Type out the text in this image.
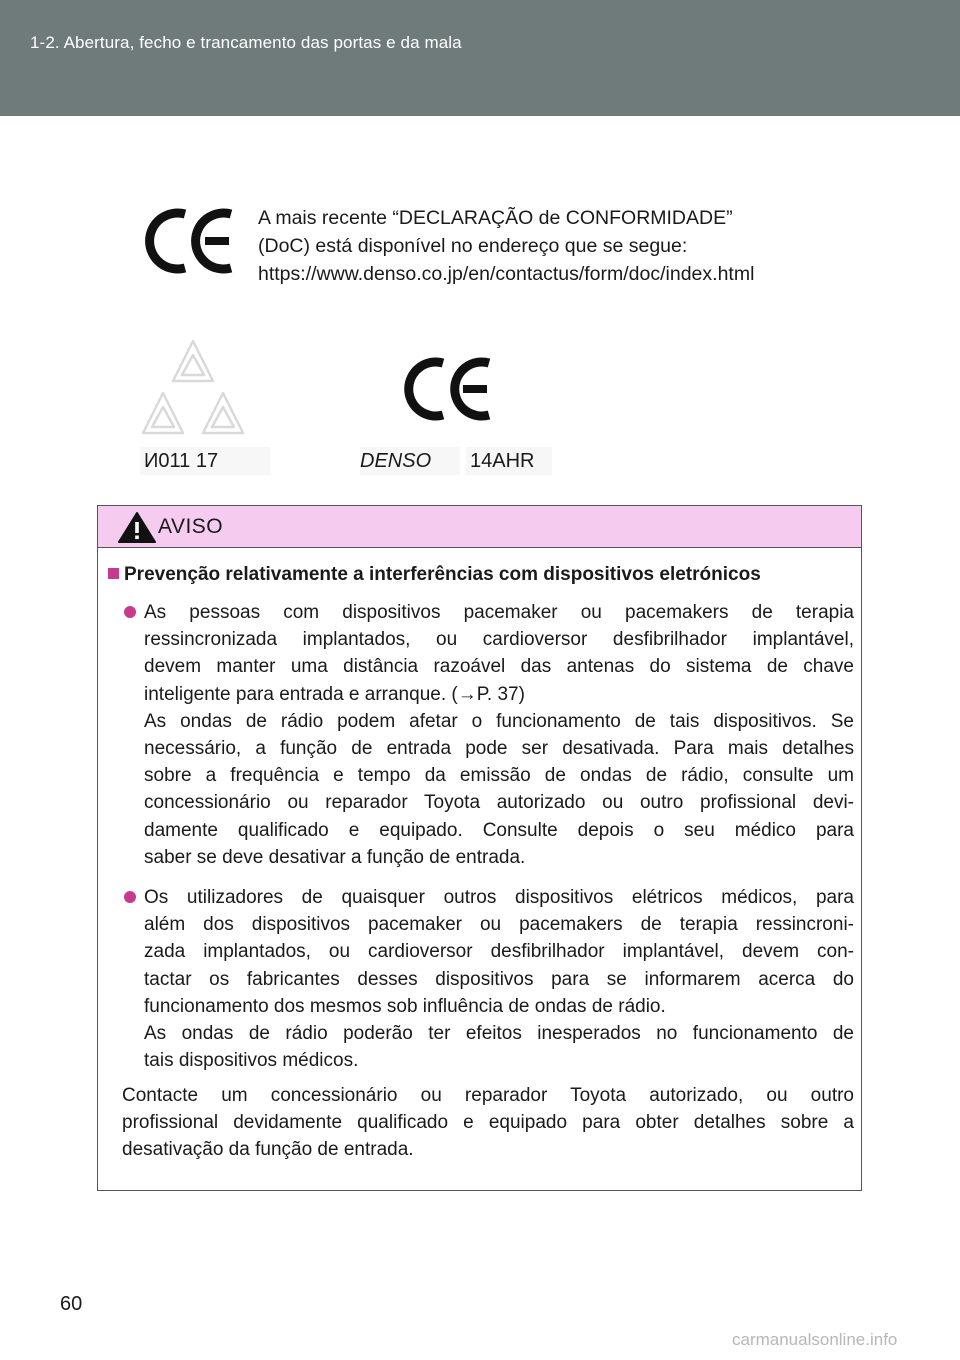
1-2. Abertura, fecho e trancamento das portas e da mala
A mais recente “DECLARAÇÃO de CONFORMIDADE”
(DoC) está disponível no endereço que se segue:
https://www.denso.co.jp/en/contactus/form/doc/index.html
И011 17	DENSO	14AHR
AVISO
Prevenção relativamente a interferências com dispositivos eletrónicos
As pessoas com dispositivos pacemaker ou pacemakers de terapia
ressincronizada implantados, ou cardioversor desfibrilhador implantável,
devem manter uma distância razoável das antenas do sistema de chave
inteligente para entrada e arranque. (→P. 37)
As ondas de rádio podem afetar o funcionamento de tais dispositivos. Se
necessário, a função de entrada pode ser desativada. Para mais detalhes
sobre a frequência e tempo da emissão de ondas de rádio, consulte um
concessionário ou reparador Toyota autorizado ou outro profissional devi-
damente qualificado e equipado. Consulte depois o seu médico para
saber se deve desativar a função de entrada.
Os utilizadores de quaisquer outros dispositivos elétricos médicos, para
além dos dispositivos pacemaker ou pacemakers de terapia ressincroni-
zada implantados, ou cardioversor desfibrilhador implantável, devem con-
tactar os fabricantes desses dispositivos para se informarem acerca do
funcionamento dos mesmos sob influência de ondas de rádio.
As ondas de rádio poderão ter efeitos inesperados no funcionamento de
tais dispositivos médicos.
Contacte um concessionário ou reparador Toyota autorizado, ou outro
profissional devidamente qualificado e equipado para obter detalhes sobre a
desativação da função de entrada.
60
carmanualsonline.info
